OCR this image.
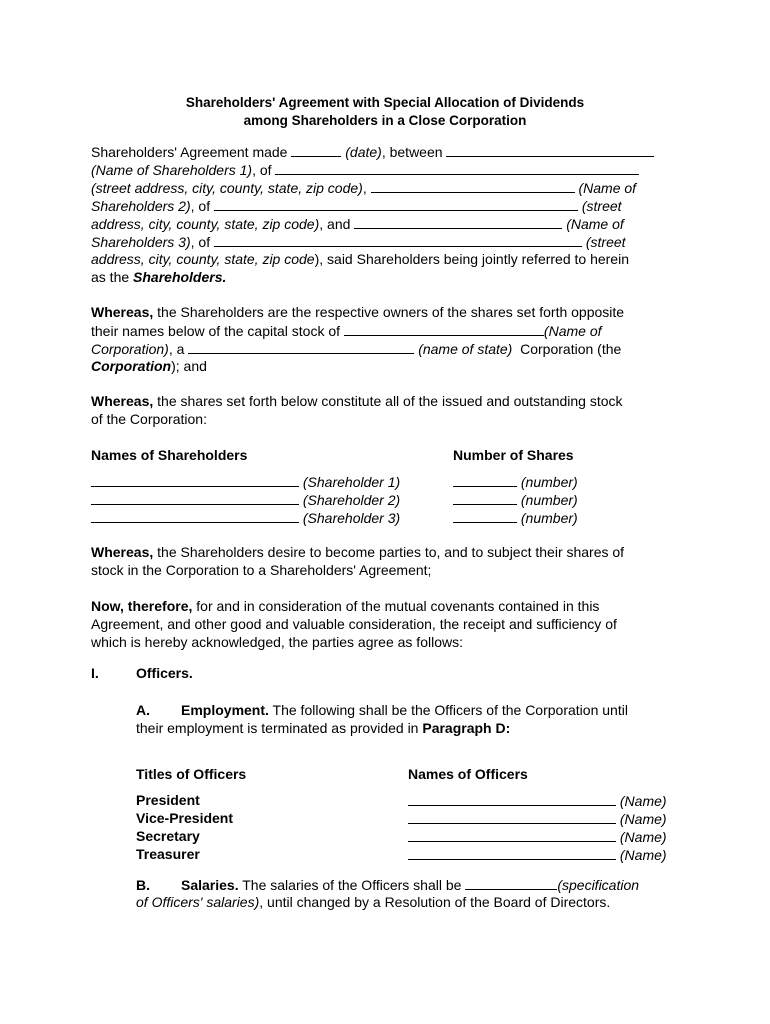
Shareholders' Agreement with Special Allocation of Dividends
among Shareholders in a Close Corporation
Shareholders' Agreement made	(date), between
(Name of Shareholders 1), of
(street address, city, county, state, zip code),	(Name of
Shareholders 2), of	(street
address, city, county, state, zip code), and	(Name of
Shareholders 3), of	(street
address, city, county, state, zip code), said Shareholders being jointly referred to herein
as the Shareholders.
Whereas, the Shareholders are the respective owners of the shares set forth opposite
their names below of the capital stock of	(Name of
Corporation), a	(name of state) Corporation (the
Corporation); and
Whereas, the shares set forth below constitute all of the issued and outstanding stock
of the Corporation:
Names of Shareholders	Number of Shares
(Shareholder 1)	(number)
(Shareholder 2)	(number)
(Shareholder 3)	(number)
Whereas, the Shareholders desire to become parties to, and to subject their shares of
stock in the Corporation to a Shareholders' Agreement;
Now, therefore, for and in consideration of the mutual covenants contained in this
Agreement, and other good and valuable consideration, the receipt and sufficiency of
which is hereby acknowledged, the parties agree as follows:
I.	Officers.
A. Employment. The following shall be the Officers of the Corporation until
their employment is terminated as provided in Paragraph D:
Titles of Officers	Names of Officers
President	(Name)
Vice-President	(Name)
Secretary	(Name)
Treasurer	(Name)
B. Salaries. The salaries of the Officers shall be	(specification
of Officers' salaries), until changed by a Resolution of the Board of Directors.
